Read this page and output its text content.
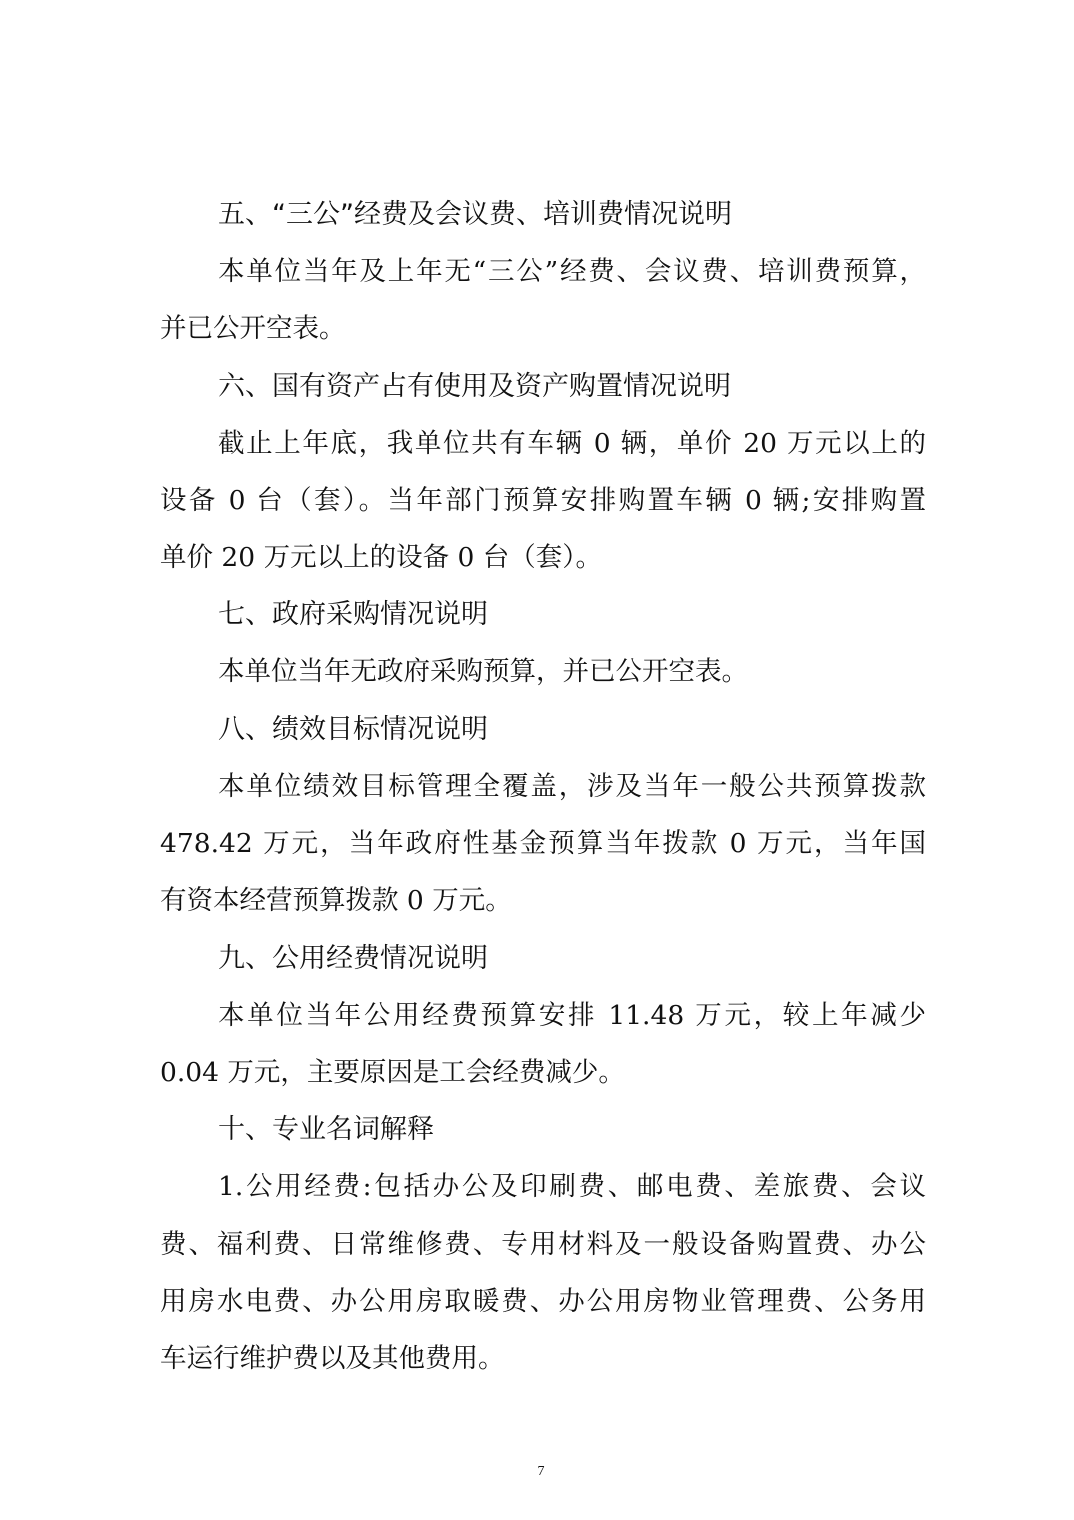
五、“三公”经费及会议费、培训费情况说明
本单位当年及上年无“三公”经费、会议费、培训费预算，
并已公开空表。
六、国有资产占有使用及资产购置情况说明
截止上年底，我单位共有车辆 0 辆，单价 20 万元以上的
设备 0 台（套）。当年部门预算安排购置车辆 0 辆;安排购置
单价 20 万元以上的设备 0 台（套）。
七、政府采购情况说明
本单位当年无政府采购预算，并已公开空表。
八、绩效目标情况说明
本单位绩效目标管理全覆盖，涉及当年一般公共预算拨款
478.42 万元，当年政府性基金预算当年拨款 0 万元，当年国
有资本经营预算拨款 0 万元。
九、公用经费情况说明
本单位当年公用经费预算安排 11.48 万元，较上年减少
0.04 万元，主要原因是工会经费减少。
十、专业名词解释
1.公用经费:包括办公及印刷费、邮电费、差旅费、会议
费、福利费、日常维修费、专用材料及一般设备购置费、办公
用房水电费、办公用房取暖费、办公用房物业管理费、公务用
车运行维护费以及其他费用。
7
